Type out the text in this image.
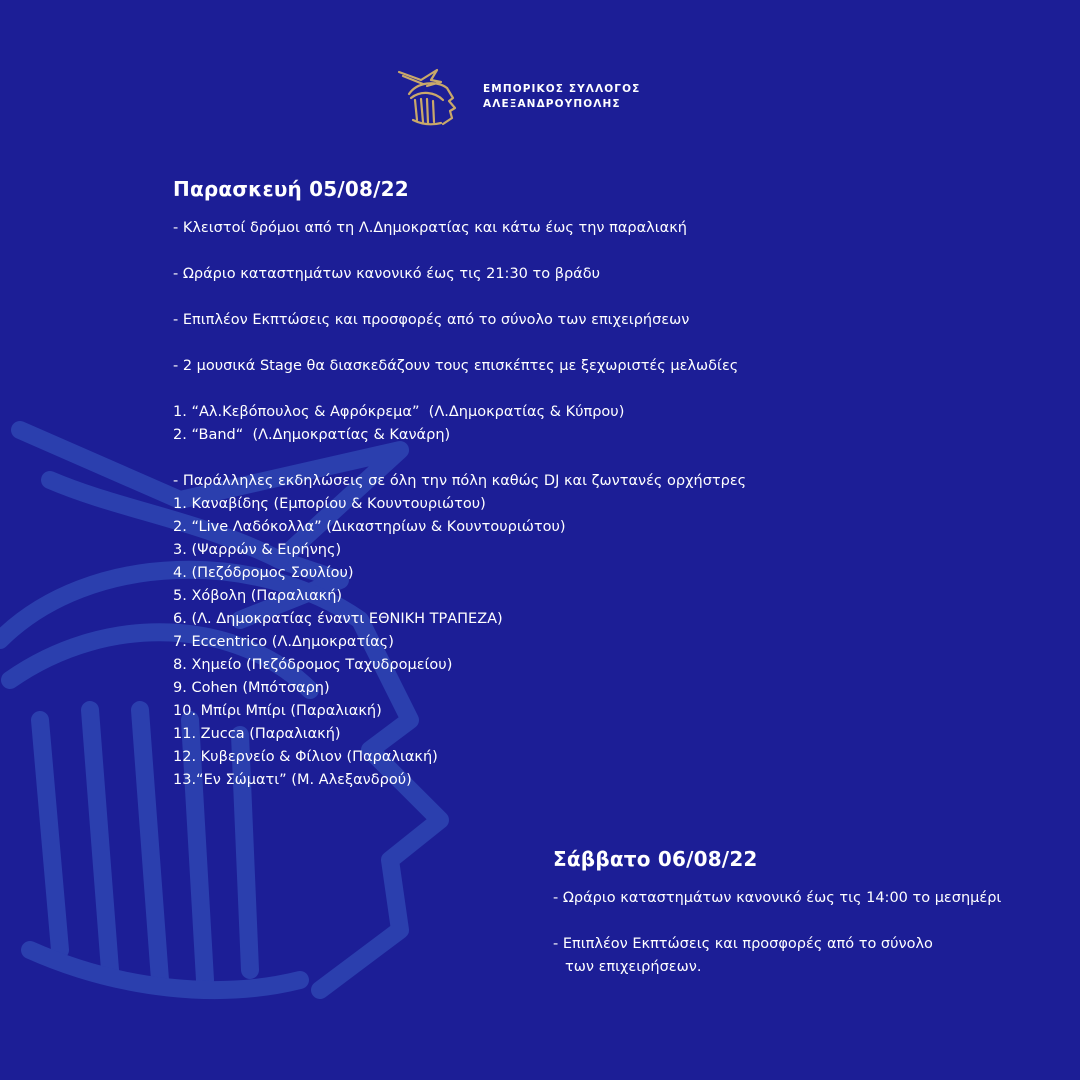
ΕΜΠΟΡΙΚΟΣ ΣΥΛΛΟΓΟΣ
ΑΛΕΞΑΝΔΡΟΥΠΟΛΗΣ
Παρασκευή 05/08/22
- Κλειστοί δρόμοι από τη Λ.Δημοκρατίας και κάτω έως την παραλιακή
- Ωράριο καταστημάτων κανονικό έως τις 21:30 το βράδυ
- Επιπλέον Εκπτώσεις και προσφορές από το σύνολο των επιχειρήσεων
- 2 μουσικά Stage θα διασκεδάζουν τους επισκέπτες με ξεχωριστές μελωδίες
1. “Αλ.Κεβόπουλος & Αφρόκρεμα”  (Λ.Δημοκρατίας & Κύπρου)
2. “Band“  (Λ.Δημοκρατίας & Κανάρη)
- Παράλληλες εκδηλώσεις σε όλη την πόλη καθώς DJ και ζωντανές ορχήστρες
1. Καναβίδης (Εμπορίου & Κουντουριώτου)
2. “Live Λαδόκολλα” (Δικαστηρίων & Κουντουριώτου)
3. (Ψαρρών & Ειρήνης)
4. (Πεζόδρομος Σουλίου)
5. Χόβολη (Παραλιακή)
6. (Λ. Δημοκρατίας έναντι ΕΘΝΙΚΗ ΤΡΑΠΕΖΑ)
7. Eccentrico (Λ.Δημοκρατίας)
8. Χημείο (Πεζόδρομος Ταχυδρομείου)
9. Cohen (Μπότσαρη)
10. Μπίρι Μπίρι (Παραλιακή)
11. Zucca (Παραλιακή)
12. Κυβερνείο & Φίλιον (Παραλιακή)
13.“Εν Σώματι” (Μ. Αλεξανδρού)
Σάββατο 06/08/22
- Ωράριο καταστημάτων κανονικό έως τις 14:00 το μεσημέρι
- Επιπλέον Εκπτώσεις και προσφορές από το σύνολο
των επιχειρήσεων.
